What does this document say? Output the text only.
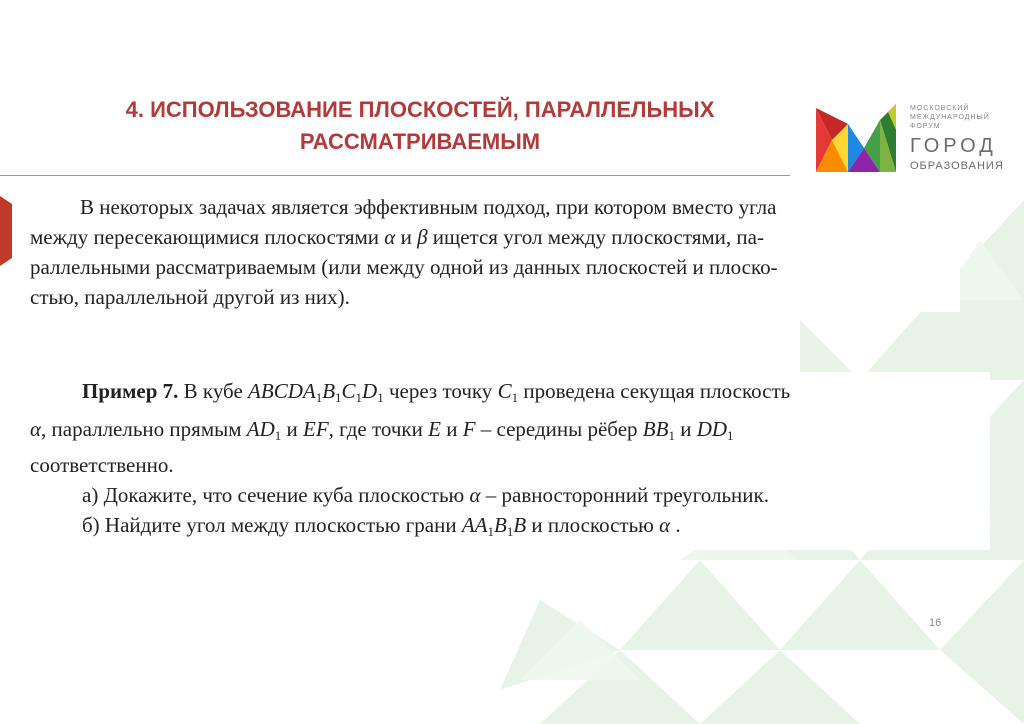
4. ИСПОЛЬЗОВАНИЕ ПЛОСКОСТЕЙ, ПАРАЛЛЕЛЬНЫХ
РАССМАТРИВАЕМЫМ
МОСКОВСКИЙ МЕЖДУНАРОДНЫЙ ФОРУМ
ГОРОД
ОБРАЗОВАНИЯ
В некоторых задачах является эффективным подход, при котором вместо угла
между пересекающимися плоскостями α и β ищется угол между плоскостями, па-
раллельными рассматриваемым (или между одной из данных плоскостей и плоско-
стью, параллельной другой из них).
Пример 7. В кубе $ABCDA_1B_1C_1D_1$ через точку $C_1$ проведена секущая плоскость
α, параллельно прямым $AD_1$ и EF, где точки E и F – середины рёбер $BB_1$ и $DD_1$
соответственно.
а) Докажите, что сечение куба плоскостью α – равносторонний треугольник.
б) Найдите угол между плоскостью грани $AA_1B_1B$ и плоскостью α .
16
